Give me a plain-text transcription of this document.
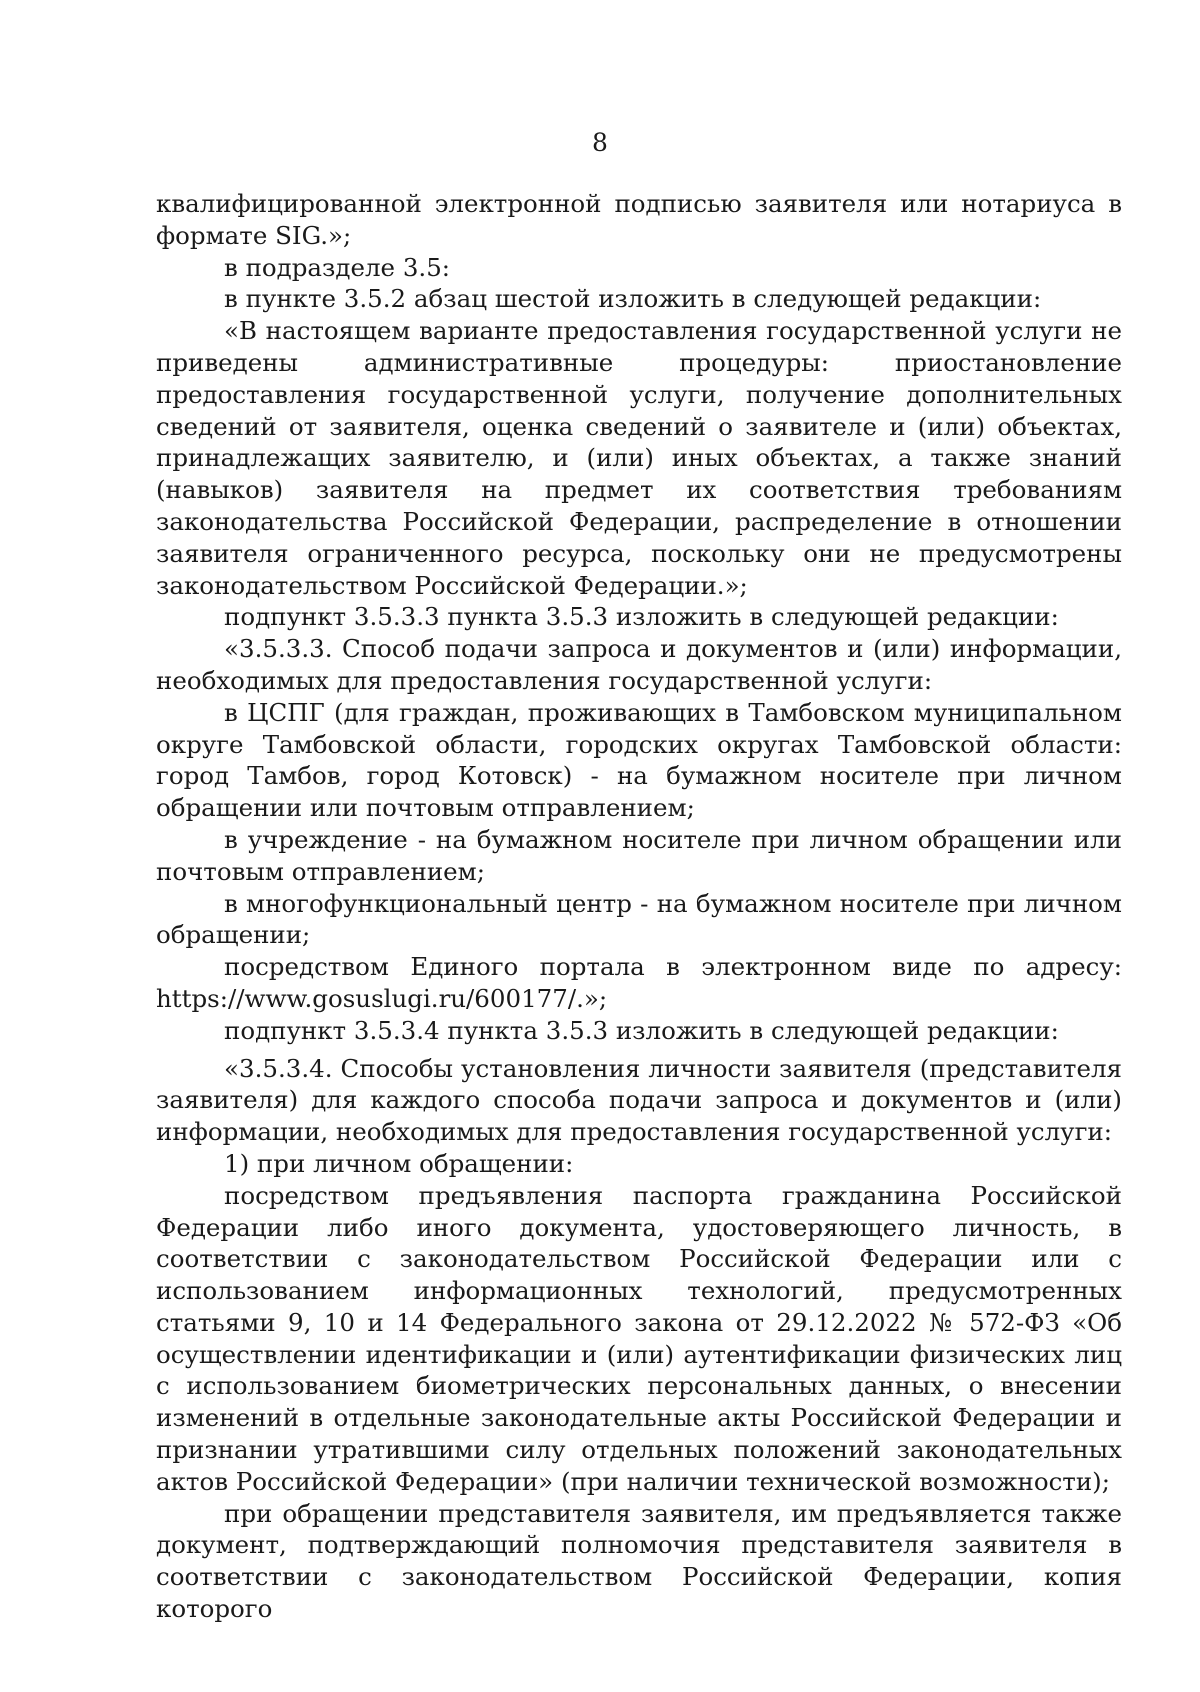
8

квалифицированной электронной подписью заявителя или нотариуса в формате SIG.»;

в подразделе 3.5:

в пункте 3.5.2 абзац шестой изложить в следующей редакции:

«В настоящем варианте предоставления государственной услуги не приведены административные процедуры: приостановление предоставления государственной услуги, получение дополнительных сведений от заявителя, оценка сведений о заявителе и (или) объектах, принадлежащих заявителю, и (или) иных объектах, а также знаний (навыков) заявителя на предмет их соответствия требованиям законодательства Российской Федерации, распределение в отношении заявителя ограниченного ресурса, поскольку они не предусмотрены законодательством Российской Федерации.»;

подпункт 3.5.3.3 пункта 3.5.3 изложить в следующей редакции:

«3.5.3.3. Способ подачи запроса и документов и (или) информации, необходимых для предоставления государственной услуги:

в ЦСПГ (для граждан, проживающих в Тамбовском муниципальном округе Тамбовской области, городских округах Тамбовской области: город Тамбов, город Котовск) - на бумажном носителе при личном обращении или почтовым отправлением;

в учреждение - на бумажном носителе при личном обращении или почтовым отправлением;

в многофункциональный центр - на бумажном носителе при личном обращении;

посредством Единого портала в электронном виде по адресу: https://www.gosuslugi.ru/600177/.»;

подпункт 3.5.3.4 пункта 3.5.3 изложить в следующей редакции:

«3.5.3.4. Способы установления личности заявителя (представителя заявителя) для каждого способа подачи запроса и документов и (или) информации, необходимых для предоставления государственной услуги:

1) при личном обращении:

посредством предъявления паспорта гражданина Российской Федерации либо иного документа, удостоверяющего личность, в соответствии с законодательством Российской Федерации или с использованием информационных технологий, предусмотренных статьями 9, 10 и 14 Федерального закона от 29.12.2022 № 572-ФЗ «Об осуществлении идентификации и (или) аутентификации физических лиц с использованием биометрических персональных данных, о внесении изменений в отдельные законодательные акты Российской Федерации и признании утратившими силу отдельных положений законодательных актов Российской Федерации» (при наличии технической возможности);

при обращении представителя заявителя, им предъявляется также документ, подтверждающий полномочия представителя заявителя в соответствии с законодательством Российской Федерации, копия которого
